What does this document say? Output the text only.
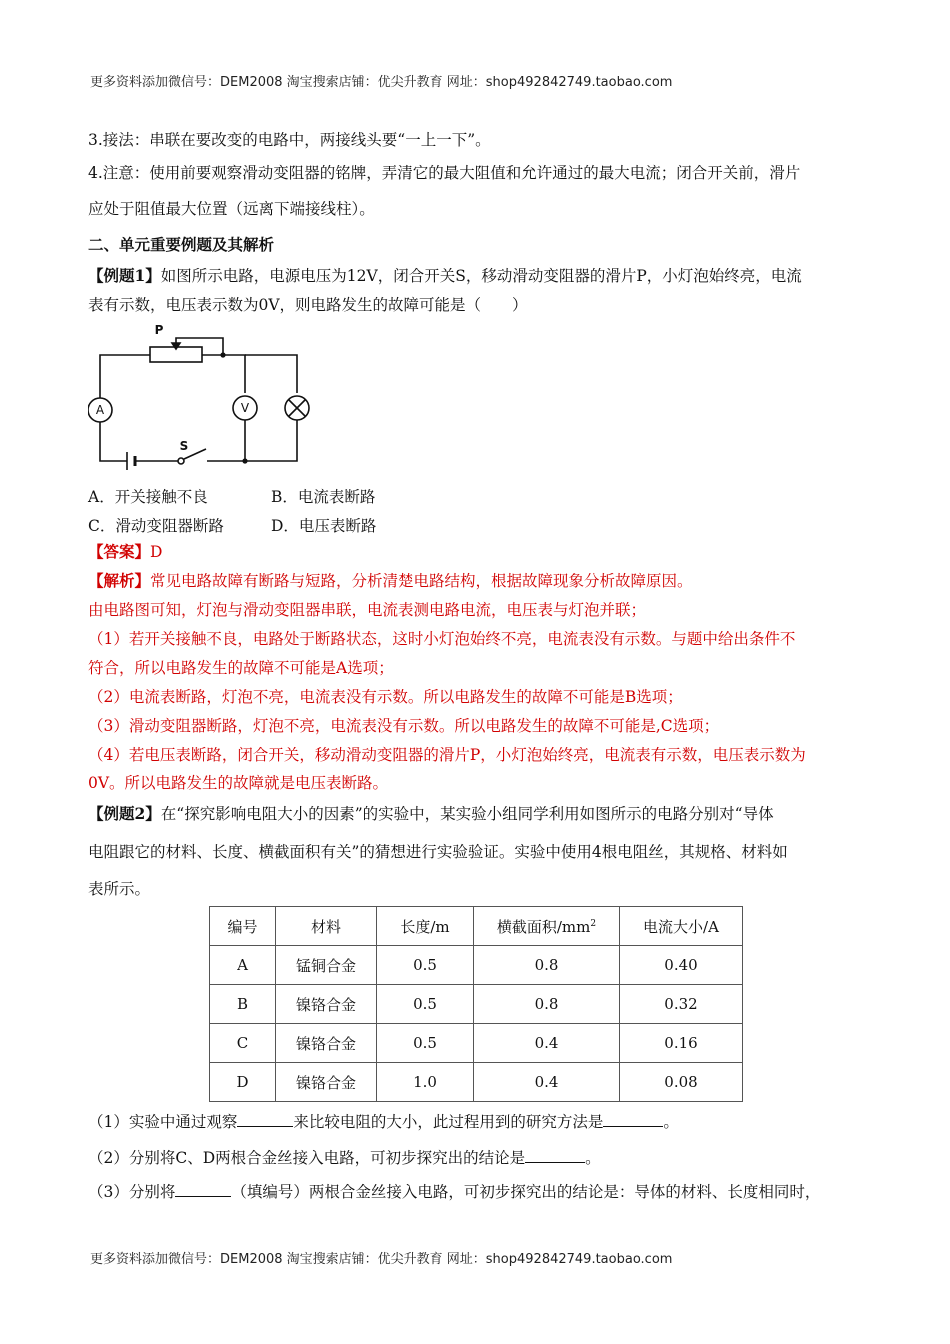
更多资料添加微信号：DEM2008 淘宝搜索店铺：优尖升教育 网址：shop492842749.taobao.com
3.接法：串联在要改变的电路中，两接线头要“一上一下”。
4.注意：使用前要观察滑动变阻器的铭牌，弄清它的最大阻值和允许通过的最大电流；闭合开关前，滑片
应处于阻值最大位置（远离下端接线柱）。
二、单元重要例题及其解析
【例题1】如图所示电路，电源电压为12V，闭合开关S，移动滑动变阻器的滑片P，小灯泡始终亮，电流
表有示数，电压表示数为0V，则电路发生的故障可能是（　　）
P
A	V
S
A．开关接触不良	B．电流表断路
C．滑动变阻器断路	D．电压表断路
【答案】D
【解析】常见电路故障有断路与短路，分析清楚电路结构，根据故障现象分析故障原因。
由电路图可知，灯泡与滑动变阻器串联，电流表测电路电流，电压表与灯泡并联；
（1）若开关接触不良，电路处于断路状态，这时小灯泡始终不亮，电流表没有示数。与题中给出条件不
符合，所以电路发生的故障不可能是A选项；
（2）电流表断路，灯泡不亮，电流表没有示数。所以电路发生的故障不可能是B选项；
（3）滑动变阻器断路，灯泡不亮，电流表没有示数。所以电路发生的故障不可能是,C选项；
（4）若电压表断路，闭合开关，移动滑动变阻器的滑片P，小灯泡始终亮，电流表有示数，电压表示数为
0V。所以电路发生的故障就是电压表断路。
【例题2】在“探究影响电阻大小的因素”的实验中，某实验小组同学利用如图所示的电路分别对“导体
电阻跟它的材料、长度、横截面积有关”的猜想进行实验验证。实验中使用4根电阻丝，其规格、材料如
表所示。
编号	材料	长度/m	横截面积$/mm^2$	电流大小/A
A	锰铜合金	0.5	0.8	0.40
B	镍铬合金	0.5	0.8	0.32
C	镍铬合金	0.5	0.4	0.16
D	镍铬合金	1.0	0.4	0.08
（1）实验中通过观察	来比较电阻的大小，此过程用到的研究方法是	。
（2）分别将C、D两根合金丝接入电路，可初步探究出的结论是	。
（3）分别将	（填编号）两根合金丝接入电路，可初步探究出的结论是：导体的材料、长度相同时，
更多资料添加微信号：DEM2008 淘宝搜索店铺：优尖升教育 网址：shop492842749.taobao.com
